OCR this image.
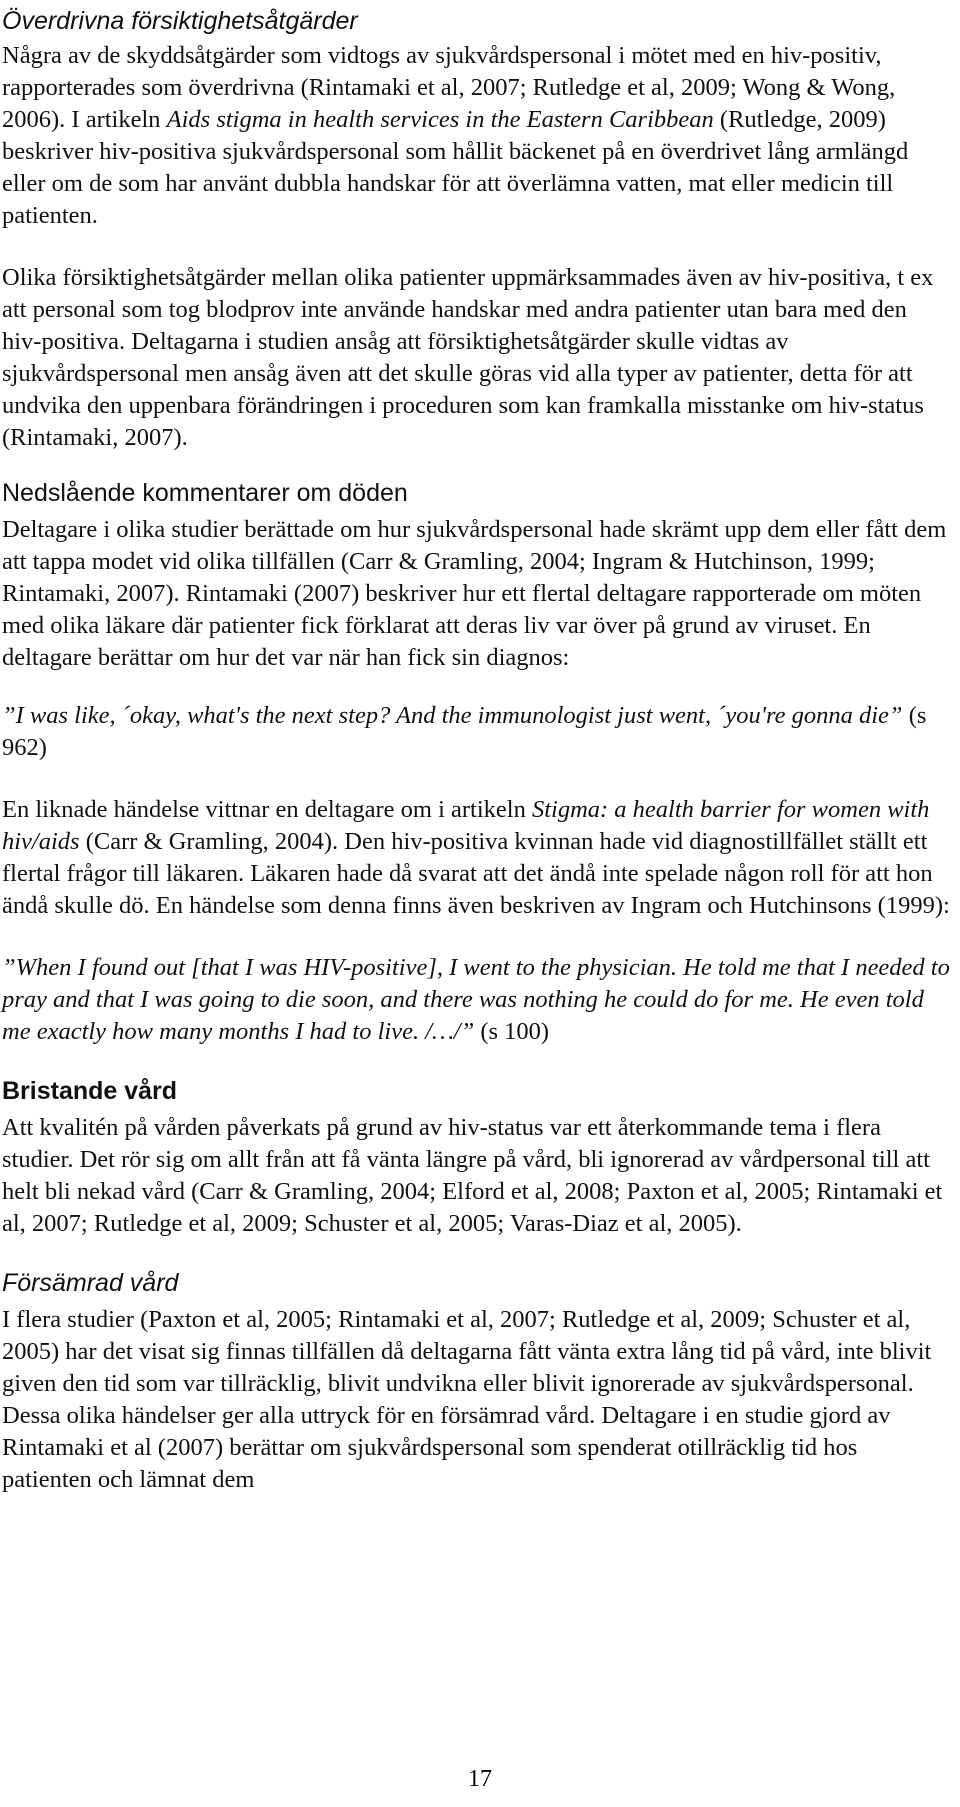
Överdrivna försiktighetsåtgärder

Några av de skyddsåtgärder som vidtogs av sjukvårdspersonal i mötet med en hiv-positiv, rapporterades som överdrivna (Rintamaki et al, 2007; Rutledge et al, 2009; Wong & Wong, 2006). I artikeln Aids stigma in health services in the Eastern Caribbean (Rutledge, 2009) beskriver hiv-positiva sjukvårdspersonal som hållit bäckenet på en överdrivet lång armlängd eller om de som har använt dubbla handskar för att överlämna vatten, mat eller medicin till patienten.

Olika försiktighetsåtgärder mellan olika patienter uppmärksammades även av hiv-positiva, t ex att personal som tog blodprov inte använde handskar med andra patienter utan bara med den hiv-positiva. Deltagarna i studien ansåg att försiktighetsåtgärder skulle vidtas av sjukvårdspersonal men ansåg även att det skulle göras vid alla typer av patienter, detta för att undvika den uppenbara förändringen i proceduren som kan framkalla misstanke om hiv-status (Rintamaki, 2007).

Nedslående kommentarer om döden

Deltagare i olika studier berättade om hur sjukvårdspersonal hade skrämt upp dem eller fått dem att tappa modet vid olika tillfällen (Carr & Gramling, 2004; Ingram & Hutchinson, 1999; Rintamaki, 2007). Rintamaki (2007) beskriver hur ett flertal deltagare rapporterade om möten med olika läkare där patienter fick förklarat att deras liv var över på grund av viruset. En deltagare berättar om hur det var när han fick sin diagnos:

”I was like, ´okay, what's the next step? And the immunologist just went, ´you're gonna die” (s 962)

En liknade händelse vittnar en deltagare om i artikeln Stigma: a health barrier for women with hiv/aids (Carr & Gramling, 2004). Den hiv-positiva kvinnan hade vid diagnostillfället ställt ett flertal frågor till läkaren. Läkaren hade då svarat att det ändå inte spelade någon roll för att hon ändå skulle dö. En händelse som denna finns även beskriven av Ingram och Hutchinsons (1999):

”When I found out [that I was HIV-positive], I went to the physician. He told me that I needed to pray and that I was going to die soon, and there was nothing he could do for me. He even told me exactly how many months I had to live. /…/” (s 100)

Bristande vård

Att kvalitén på vården påverkats på grund av hiv-status var ett återkommande tema i flera studier. Det rör sig om allt från att få vänta längre på vård, bli ignorerad av vårdpersonal till att helt bli nekad vård (Carr & Gramling, 2004; Elford et al, 2008; Paxton et al, 2005; Rintamaki et al, 2007; Rutledge et al, 2009; Schuster et al, 2005; Varas-Diaz et al, 2005).

Försämrad vård

I flera studier (Paxton et al, 2005; Rintamaki et al, 2007; Rutledge et al, 2009; Schuster et al, 2005) har det visat sig finnas tillfällen då deltagarna fått vänta extra lång tid på vård, inte blivit given den tid som var tillräcklig, blivit undvikna eller blivit ignorerade av sjukvårdspersonal. Dessa olika händelser ger alla uttryck för en försämrad vård. Deltagare i en studie gjord av Rintamaki et al (2007) berättar om sjukvårdspersonal som spenderat otillräcklig tid hos patienten och lämnat dem

17
